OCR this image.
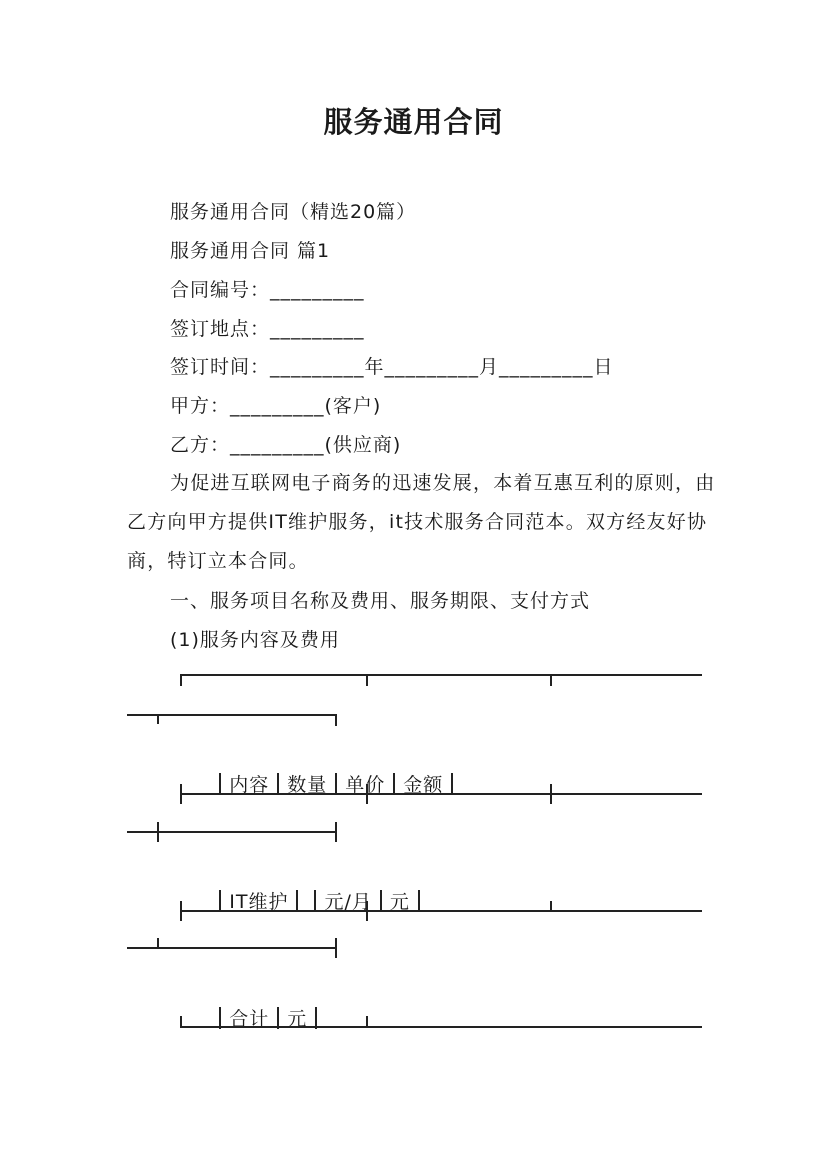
服务通用合同
服务通用合同（精选20篇）
服务通用合同 篇1
合同编号：_________
签订地点：_________
签订时间：_________年_________月_________日
甲方：_________(客户)
乙方：_________(供应商)
为促进互联网电子商务的迅速发展，本着互惠互利的原则，由乙方向甲方提供IT维护服务，it技术服务合同范本。双方经友好协商，特订立本合同。
一、服务项目名称及费用、服务期限、支付方式
(1)服务内容及费用

内容 数量 单价 金额

IT维护 元/月 元

合计 元
